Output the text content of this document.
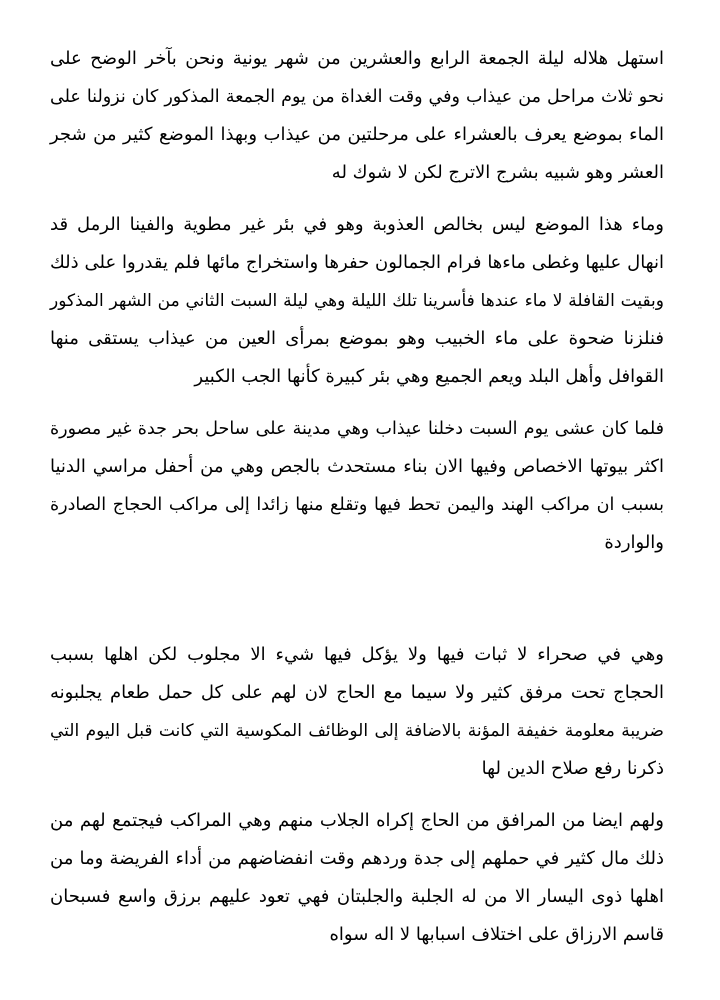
استهل هلاله ليلة الجمعة الرابع والعشرين من شهر يونية ونحن بآخر الوضح على
نحو ثلاث مراحل من عيذاب وفي وقت الغداة من يوم الجمعة المذكور كان نزولنا على
الماء بموضع يعرف بالعشراء على مرحلتين من عيذاب وبهذا الموضع كثير من شجر
العشر وهو شبيه بشرج الاترج لكن لا شوك له

وماء هذا الموضع ليس بخالص العذوبة وهو في بئر غير مطوية والفينا الرمل قد
انهال عليها وغطى ماءها فرام الجمالون حفرها واستخراج مائها فلم يقدروا على ذلك
وبقيت القافلة لا ماء عندها فأسرينا تلك الليلة وهي ليلة السبت الثاني من الشهر المذكور
فنلزنا ضحوة على ماء الخبيب وهو بموضع بمرأى العين من عيذاب يستقى منها
القوافل وأهل البلد ويعم الجميع وهي بئر كبيرة كأنها الجب الكبير

فلما كان عشى يوم السبت دخلنا عيذاب وهي مدينة على ساحل بحر جدة غير مصورة
اكثر بيوتها الاخصاص وفيها الان بناء مستحدث بالجص وهي من أحفل مراسي الدنيا
بسبب ان مراكب الهند واليمن تحط فيها وتقلع منها زائدا إلى مراكب الحجاج الصادرة
والواردة

وهي في صحراء لا ثبات فيها ولا يؤكل فيها شيء الا مجلوب لكن اهلها بسبب
الحجاج تحت مرفق كثير ولا سيما مع الحاج لان لهم على كل حمل طعام يجلبونه
ضريبة معلومة خفيفة المؤنة بالاضافة إلى الوظائف المكوسية التي كانت قبل اليوم التي
ذكرنا رفع صلاح الدين لها

ولهم ايضا من المرافق من الحاج إكراه الجلاب منهم وهي المراكب فيجتمع لهم من
ذلك مال كثير في حملهم إلى جدة وردهم وقت انفضاضهم من أداء الفريضة وما من
اهلها ذوى اليسار الا من له الجلبة والجلبتان فهي تعود عليهم برزق واسع فسبحان
قاسم الارزاق على اختلاف اسبابها لا اله سواه
